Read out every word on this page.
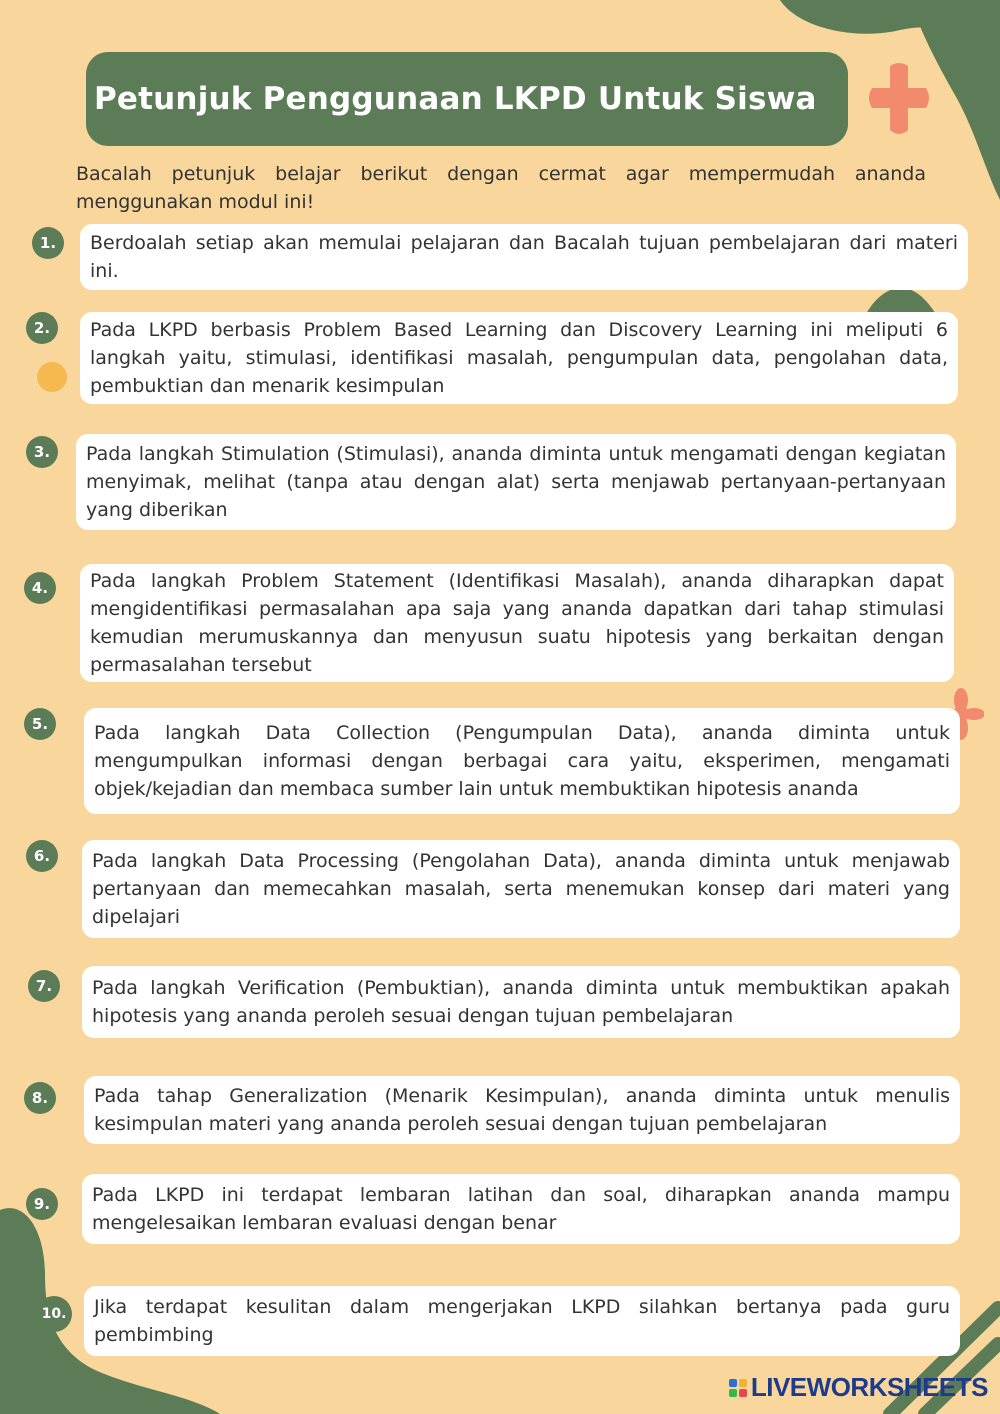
Petunjuk Penggunaan LKPD Untuk Siswa
Bacalah petunjuk belajar berikut dengan cermat agar mempermudah ananda menggunakan modul ini!
1.	Berdoalah setiap akan memulai pelajaran dan Bacalah tujuan pembelajaran dari materi ini.
2.	Pada LKPD berbasis Problem Based Learning dan Discovery Learning ini meliputi 6 langkah yaitu, stimulasi, identifikasi masalah, pengumpulan data, pengolahan data, pembuktian dan menarik kesimpulan
3.	Pada langkah Stimulation (Stimulasi), ananda diminta untuk mengamati dengan kegiatan menyimak, melihat (tanpa atau dengan alat) serta menjawab pertanyaan-pertanyaan yang diberikan
4.	Pada langkah Problem Statement (Identifikasi Masalah), ananda diharapkan dapat mengidentifikasi permasalahan apa saja yang ananda dapatkan dari tahap stimulasi kemudian merumuskannya dan menyusun suatu hipotesis yang berkaitan dengan permasalahan tersebut
5.	Pada langkah Data Collection (Pengumpulan Data), ananda diminta untuk mengumpulkan informasi dengan berbagai cara yaitu, eksperimen, mengamati objek/kejadian dan membaca sumber lain untuk membuktikan hipotesis ananda
6.	Pada langkah Data Processing (Pengolahan Data), ananda diminta untuk menjawab pertanyaan dan memecahkan masalah, serta menemukan konsep dari materi yang dipelajari
7.	Pada langkah Verification (Pembuktian), ananda diminta untuk membuktikan apakah hipotesis yang ananda peroleh sesuai dengan tujuan pembelajaran
8.	Pada tahap Generalization (Menarik Kesimpulan), ananda diminta untuk menulis kesimpulan materi yang ananda peroleh sesuai dengan tujuan pembelajaran
9.	Pada LKPD ini terdapat lembaran latihan dan soal, diharapkan ananda mampu mengelesaikan lembaran evaluasi dengan benar
10. Jika terdapat kesulitan dalam mengerjakan LKPD silahkan bertanya pada guru pembimbing
LIVEWORKSHEETS
